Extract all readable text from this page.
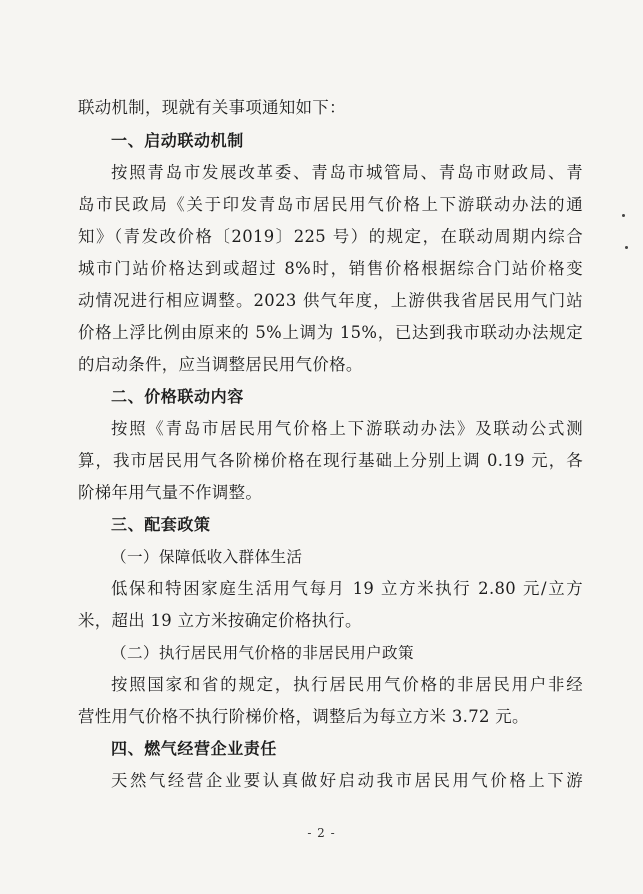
联动机制，现就有关事项通知如下：
一、启动联动机制
按照青岛市发展改革委、青岛市城管局、青岛市财政局、青
岛市民政局《关于印发青岛市居民用气价格上下游联动办法的通
知》（青发改价格〔2019〕225 号）的规定，在联动周期内综合
城市门站价格达到或超过 8%时，销售价格根据综合门站价格变
动情况进行相应调整。2023 供气年度，上游供我省居民用气门站
价格上浮比例由原来的 5%上调为 15%，已达到我市联动办法规定
的启动条件，应当调整居民用气价格。
二、价格联动内容
按照《青岛市居民用气价格上下游联动办法》及联动公式测
算，我市居民用气各阶梯价格在现行基础上分别上调 0.19 元，各
阶梯年用气量不作调整。
三、配套政策
（一）保障低收入群体生活
低保和特困家庭生活用气每月 19 立方米执行 2.80 元/立方
米，超出 19 立方米按确定价格执行。
（二）执行居民用气价格的非居民用户政策
按照国家和省的规定，执行居民用气价格的非居民用户非经
营性用气价格不执行阶梯价格，调整后为每立方米 3.72 元。
四、燃气经营企业责任
天然气经营企业要认真做好启动我市居民用气价格上下游
- 2 -
